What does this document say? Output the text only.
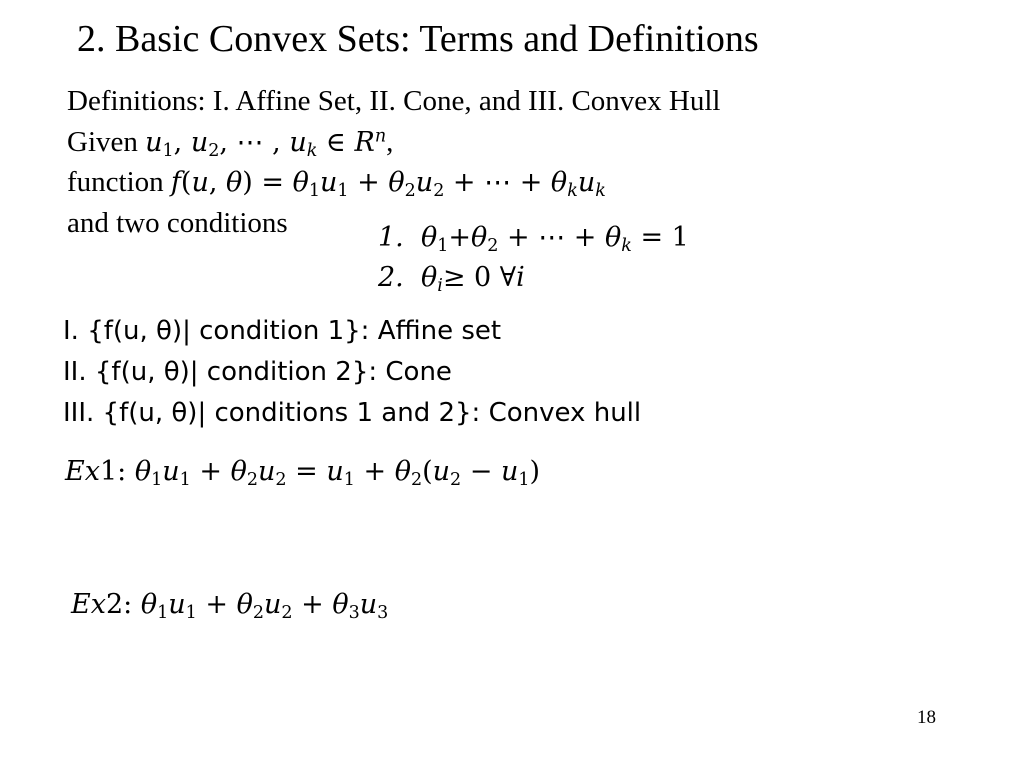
2. Basic Convex Sets: Terms and Definitions
Definitions: I. Affine Set, II. Cone, and III. Convex Hull
Given $u_1$, $u_2$, ⋯ , $u_k$ ∈ $R^n$,
function f(u, $\theta) = \theta_1u_1 + \theta_2u_2$ + ⋯ + $\theta_ku_k$
and two conditions	1. $\theta_1+\theta_2$ + ⋯ + $\theta_k = 1$
2. $\theta_i\ge 0$ ∀i
I. {f(u, θ)| condition 1}: Affine set
II. {f(u, θ)| condition 2}: Cone
III. {f(u, θ)| conditions 1 and 2}: Convex hull
Ex1: $\theta_1u_1 + \theta_2u_2 = u_1 + \theta_2(u_2 - u_1)$
Ex2: $\theta_1u_1 + \theta_2u_2 + \theta_3u_3$
18
